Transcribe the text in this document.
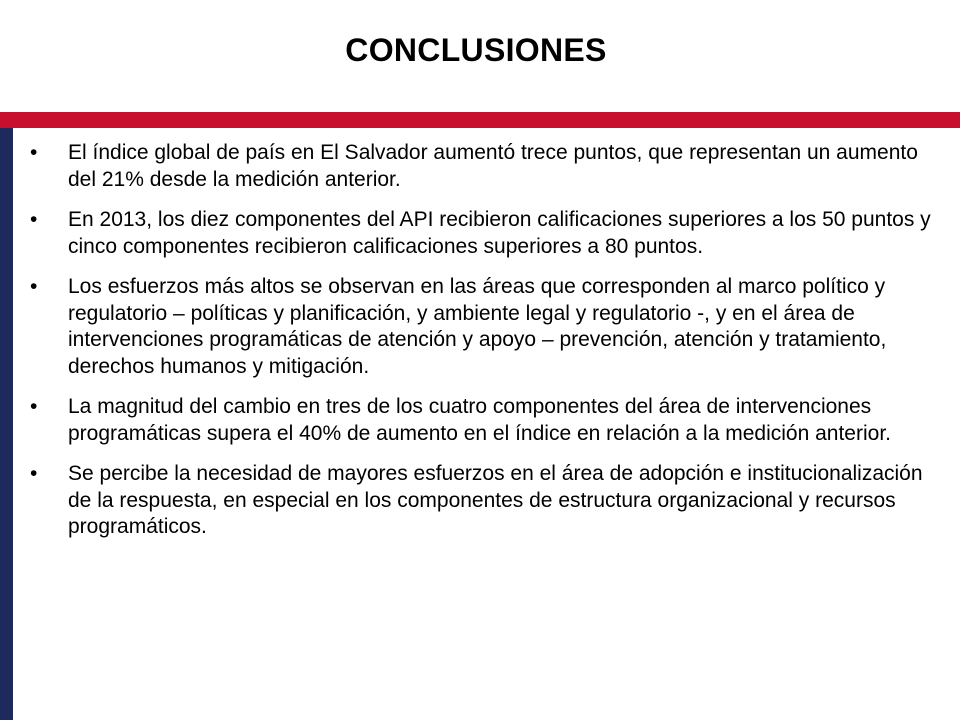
CONCLUSIONES
•	El índice global de país en El Salvador aumentó trece puntos, que representan un aumento del 21% desde la medición anterior.
•	En 2013, los diez componentes del API recibieron calificaciones superiores a los 50 puntos y cinco componentes recibieron calificaciones superiores a 80 puntos.
•	Los esfuerzos más altos se observan en las áreas que corresponden al marco político y regulatorio – políticas y planificación, y ambiente legal y regulatorio -, y en el área de intervenciones programáticas de atención y apoyo – prevención, atención y tratamiento, derechos humanos y mitigación.
•	La magnitud del cambio en tres de los cuatro componentes del área de intervenciones programáticas supera el 40% de aumento en el índice en relación a la medición anterior.
•	Se percibe la necesidad de mayores esfuerzos en el área de adopción e institucionalización de la respuesta, en especial en los componentes de estructura organizacional y recursos programáticos.
